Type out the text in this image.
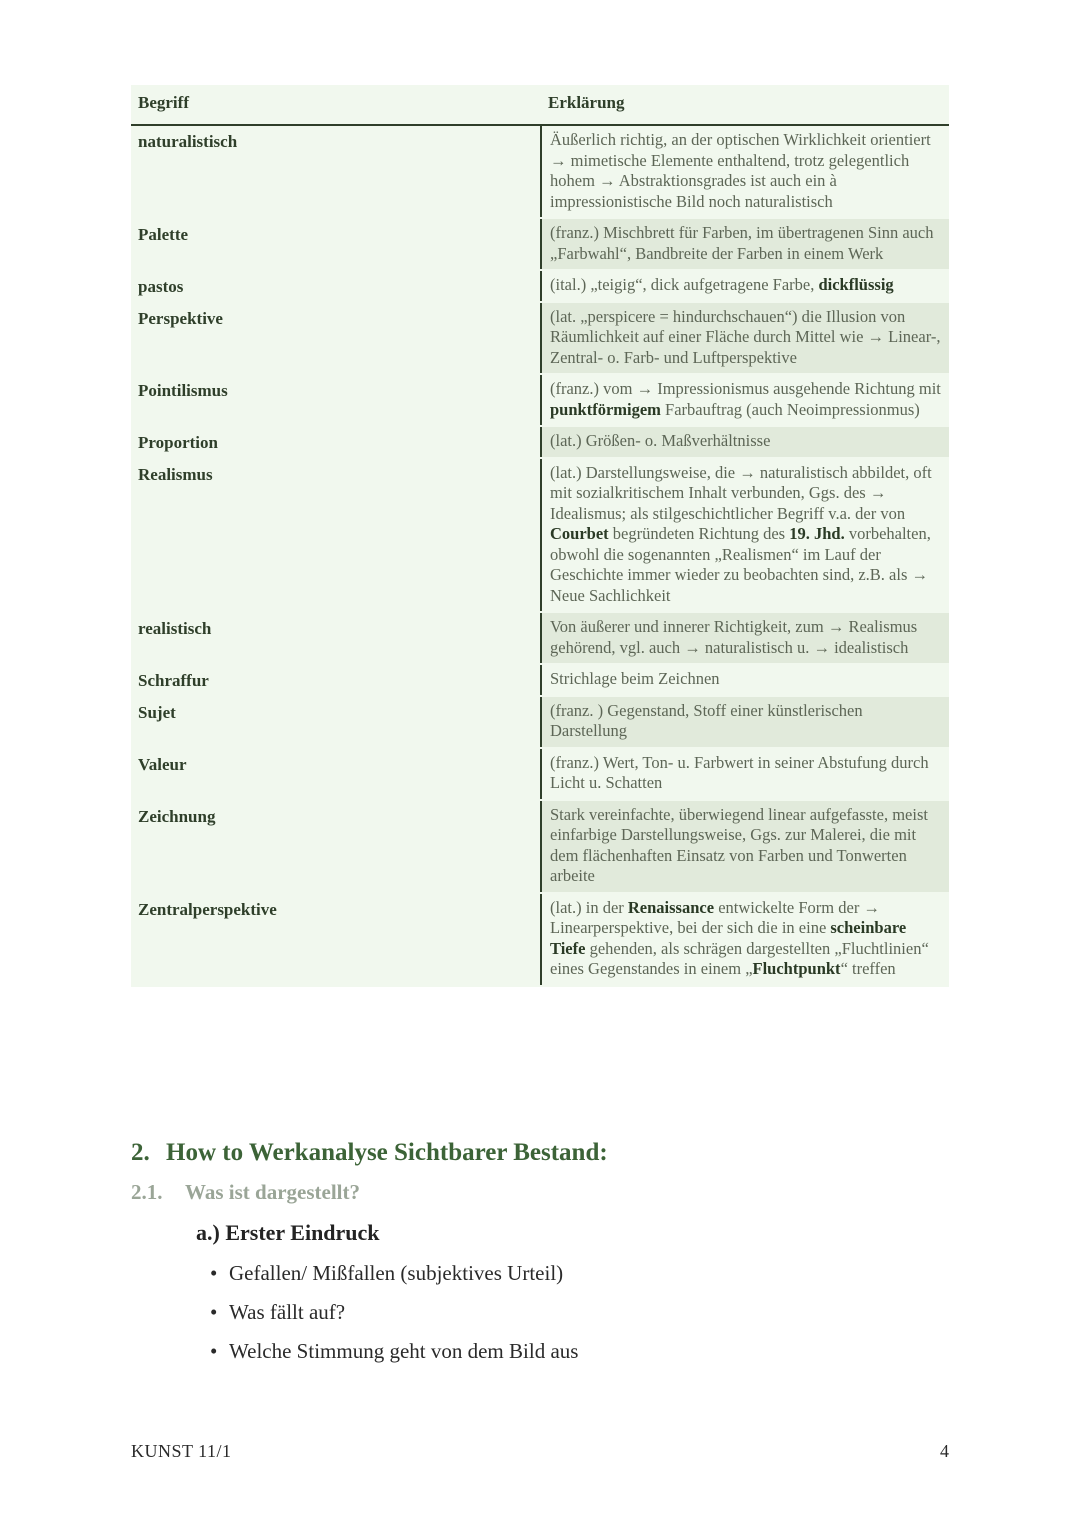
Begriff	Erklärung
naturalistisch	Äußerlich richtig, an der optischen Wirklichkeit orientiert → mimetische Elemente enthaltend, trotz gelegentlich hohem → Abstraktionsgrades ist auch ein à impressionistische Bild noch naturalistisch
Palette	(franz.) Mischbrett für Farben, im übertragenen Sinn auch „Farbwahl“, Bandbreite der Farben in einem Werk
pastos	(ital.) „teigig“, dick aufgetragene Farbe, dickflüssig
Perspektive	(lat. „perspicere = hindurchschauen“) die Illusion von Räumlichkeit auf einer Fläche durch Mittel wie → Linear-, Zentral- o. Farb- und Luftperspektive
Pointilismus	(franz.) vom → Impressionismus ausgehende Richtung mit punktförmigem Farbauftrag (auch Neoimpressionmus)
Proportion	(lat.) Größen- o. Maßverhältnisse
Realismus	(lat.) Darstellungsweise, die → naturalistisch abbildet, oft mit sozialkritischem Inhalt verbunden, Ggs. des → Idealismus; als stilgeschichtlicher Begriff v.a. der von Courbet begründeten Richtung des 19. Jhd. vorbehalten, obwohl die sogenannten „Realismen“ im Lauf der Geschichte immer wieder zu beobachten sind, z.B. als → Neue Sachlichkeit
realistisch	Von äußerer und innerer Richtigkeit, zum → Realismus gehörend, vgl. auch → naturalistisch u. → idealistisch
Schraffur	Strichlage beim Zeichnen
Sujet	(franz. ) Gegenstand, Stoff einer künstlerischen Darstellung
Valeur	(franz.) Wert, Ton- u. Farbwert in seiner Abstufung durch Licht u. Schatten
Zeichnung	Stark vereinfachte, überwiegend linear aufgefasste, meist einfarbige Darstellungsweise, Ggs. zur Malerei, die mit dem flächenhaften Einsatz von Farben und Tonwerten arbeite
Zentralperspektive	(lat.) in der Renaissance entwickelte Form der → Linearperspektive, bei der sich die in eine scheinbare Tiefe gehenden, als schrägen dargestellten „Fluchtlinien“ eines Gegenstandes in einem „Fluchtpunkt“ treffen
2. How to Werkanalyse Sichtbarer Bestand:
2.1. Was ist dargestellt?
a.) Erster Eindruck
• Gefallen/ Mißfallen (subjektives Urteil)
• Was fällt auf?
• Welche Stimmung geht von dem Bild aus
KUNST 11/1	4
